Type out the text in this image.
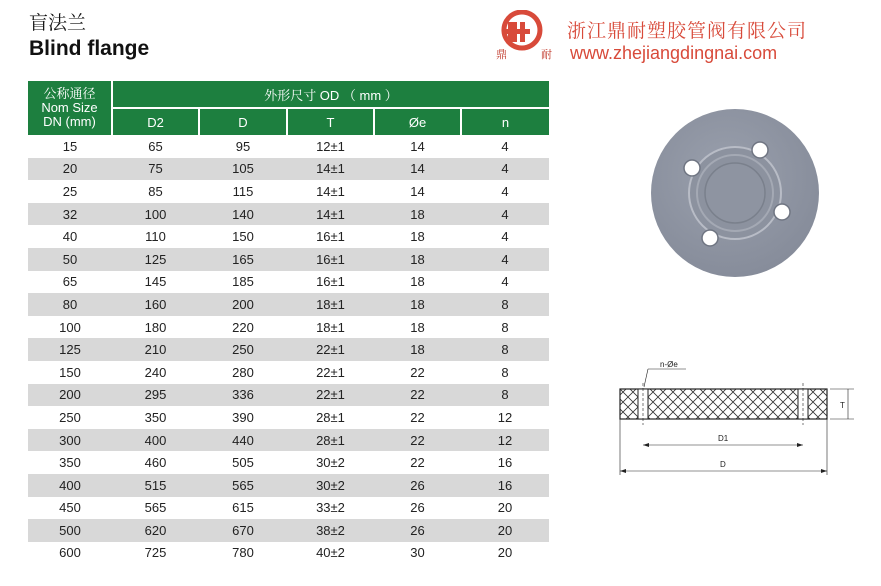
盲法兰
Blind flange	鼎	耐
浙江鼎耐塑胶管阀有限公司
www.zhejiangdingnai.com
公称通径
Nom Size
DN (mm)	外形尺寸 OD （ mm ）				
	D2	D	T	Øe	n
15	65	95	12±1	14	4
20	75	105	14±1	14	4
25	85	115	14±1	14	4
32	100	140	14±1	18	4
40	110	150	16±1	18	4
50	125	165	16±1	18	4
65	145	185	16±1	18	4
80	160	200	18±1	18	8
100	180	220	18±1	18	8
125	210	250	22±1	18	8
150	240	280	22±1	22	8
200	295	336	22±1	22	8
250	350	390	28±1	22	12
300	400	440	28±1	22	12
350	460	505	30±2	22	16
400	515	565	30±2	26	16
450	565	615	33±2	26	20
500	620	670	38±2	26	20
600	725	780	40±2	30	20
n-Øe
T
D1
D
